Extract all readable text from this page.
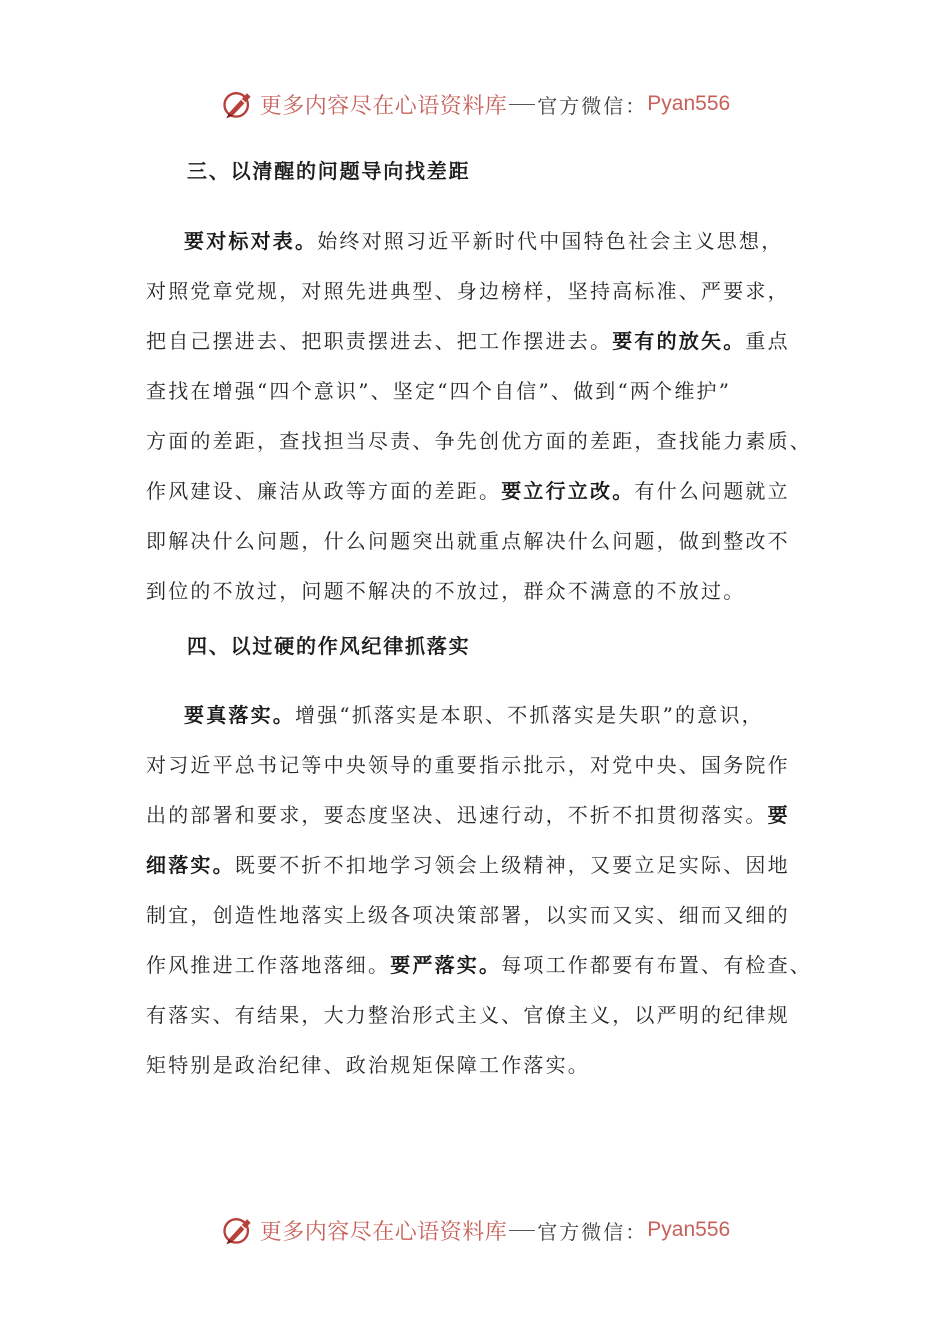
更多内容尽在心语资料库 官方微信： Pyan556
三、以清醒的问题导向找差距
要对标对表。始终对照习近平新时代中国特色社会主义思想，
对照党章党规，对照先进典型、身边榜样，坚持高标准、严要求，
把自己摆进去、把职责摆进去、把工作摆进去。要有的放矢。重点
查找在增强“四个意识”、坚定“四个自信”、做到“两个维护”
方面的差距，查找担当尽责、争先创优方面的差距，查找能力素质、
作风建设、廉洁从政等方面的差距。要立行立改。有什么问题就立
即解决什么问题，什么问题突出就重点解决什么问题，做到整改不
到位的不放过，问题不解决的不放过，群众不满意的不放过。
四、以过硬的作风纪律抓落实
要真落实。增强“抓落实是本职、不抓落实是失职”的意识，
对习近平总书记等中央领导的重要指示批示，对党中央、国务院作
出的部署和要求，要态度坚决、迅速行动，不折不扣贯彻落实。要
细落实。既要不折不扣地学习领会上级精神，又要立足实际、因地
制宜，创造性地落实上级各项决策部署，以实而又实、细而又细的
作风推进工作落地落细。要严落实。每项工作都要有布置、有检查、
有落实、有结果，大力整治形式主义、官僚主义，以严明的纪律规
矩特别是政治纪律、政治规矩保障工作落实。
更多内容尽在心语资料库 官方微信： Pyan556
